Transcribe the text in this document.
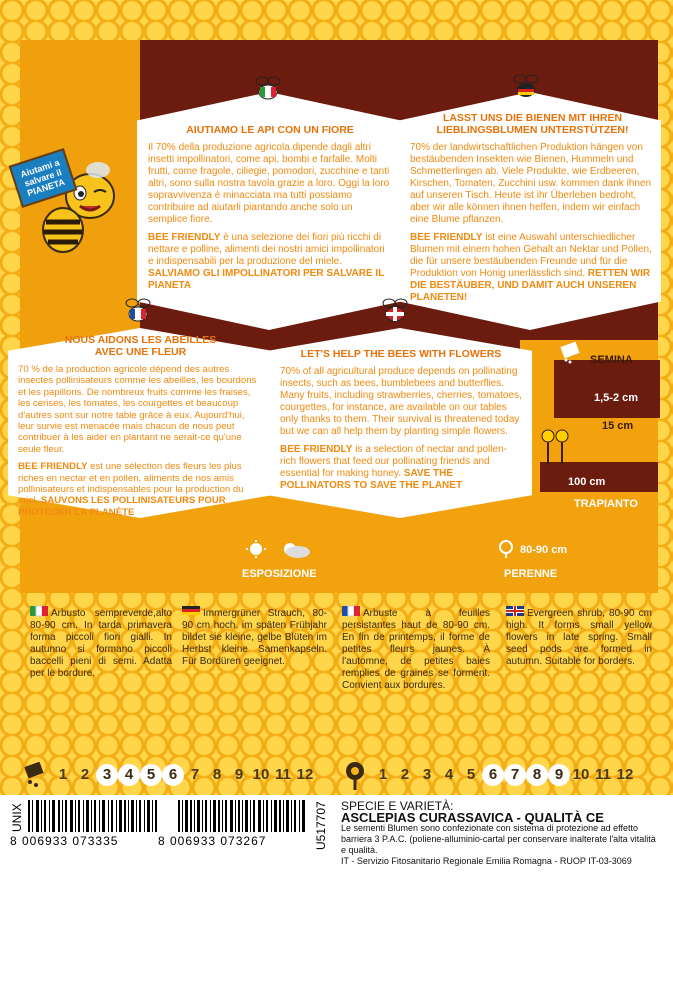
Aiutami a salvare il PIANETA
AIUTIAMO LE API CON UN FIORE

Il 70% della produzione agricola dipende dagli altri insetti impollinatori, come api, bombi e farfalle. Molti frutti, come fragole, ciliegie, pomodori, zucchine e tanti altri, sono sulla nostra tavola grazie a loro. Oggi la loro sopravvivenza è minacciata ma tutti possiamo contribuire ad aiutarli piantando anche solo un semplice fiore.

BEE FRIENDLY è una selezione dei fiori più ricchi di nettare e polline, alimenti dei nostri amici impollinatori e indispensabili per la produzione del miele. SALVIAMO GLI IMPOLLINATORI PER SALVARE IL PIANETA

LASST UNS DIE BIENEN MIT IHREN LIEBLINGSBLUMEN UNTERSTÜTZEN!

70% der landwirtschaftlichen Produktion hängen von bestäubenden Insekten wie Bienen, Hummeln und Schmetterlingen ab. Viele Produkte, wie Erdbeeren, Kirschen, Tomaten, Zucchini usw. kommen dank ihnen auf unseren Tisch. Heute ist ihr Überleben bedroht, aber wir alle können ihnen helfen, indem wir einfach eine Blume pflanzen.

BEE FRIENDLY ist eine Auswahl unterschiedlicher Blumen mit einem hohen Gehalt an Nektar und Pollen, die für unsere bestäubenden Freunde und für die Produktion von Honig unerlässlich sind. RETTEN WIR DIE BESTÄUBER, UND DAMIT AUCH UNSEREN PLANETEN!

NOUS AIDONS LES ABEILLES AVEC UNE FLEUR

70 % de la production agricole dépend des autres insectes pollinisateurs comme les abeilles, les bourdons et les papillons. De nombreux fruits comme les fraises, les cerises, les tomates, les courgettes et beaucoup d'autres sont sur notre table grâce à eux. Aujourd'hui, leur survie est menacée mais chacun de nous peut contribuer à les aider en plantant ne serait-ce qu'une seule fleur.

BEE FRIENDLY est une sélection des fleurs les plus riches en nectar et en pollen, aliments de nos amis pollinisateurs et indispensables pour la production du miel. SAUVONS LES POLLINISATEURS POUR PROTÉGER LA PLANÈTE

LET'S HELP THE BEES WITH FLOWERS

70% of all agricultural produce depends on pollinating insects, such as bees, bumblebees and butterflies. Many fruits, including strawberries, cherries, tomatoes, courgettes, for instance, are available on our tables only thanks to them. Their survival is threatened today but we can all help them by planting simple flowers.

BEE FRIENDLY is a selection of nectar and pollen-rich flowers that feed our pollinating friends and essential for making honey. SAVE THE POLLINATORS TO SAVE THE PLANET

SEMINA
1,5-2 cm
15 cm
100 cm
TRAPIANTO
ESPOSIZIONE
80-90 cm
PERENNE
Arbusto sempreverde,alto 80-90 cm. In tarda primavera forma piccoli fiori gialli. In autunno si formano piccoli baccelli pieni di semi. Adatta per le bordure.
Immergrüner Strauch, 80-90 cm hoch. im späten Frühjahr bildet sie kleine, gelbe Blüten im Herbst kleine Samenkapseln. Für Bordüren geeignet.
Arbuste à feuilles persistantes haut de 80-90 cm. En fin de printemps, il forme de petites fleurs jaunes. À l'automne, de petites baies remplies de graines se forment. Convient aux bordures.
Evergreen shrub, 80-90 cm high. It forms small yellow flowers in late spring. Small seed pods are formed in autumn. Suitable for borders.
1 2 3 4 5 6 7 8 9 10 11 12	1 2 3 4 5 6 7 8 9 10 11 12
UNIX
8 006933 073335	8 006933 073267	U517707 SPECIE E VARIETÀ:
ASCLEPIAS CURASSAVICA - QUALITÀ CE
Le sementi Blumen sono confezionate con sistema di protezione ad effetto barriera 3 P.A.C. (poliene-alluminio-cartal per conservare inalterate l'alta vitalità e qualità.
IT - Servizio Fitosanitario Regionale Emilia Romagna - RUOP IT-03-3069
